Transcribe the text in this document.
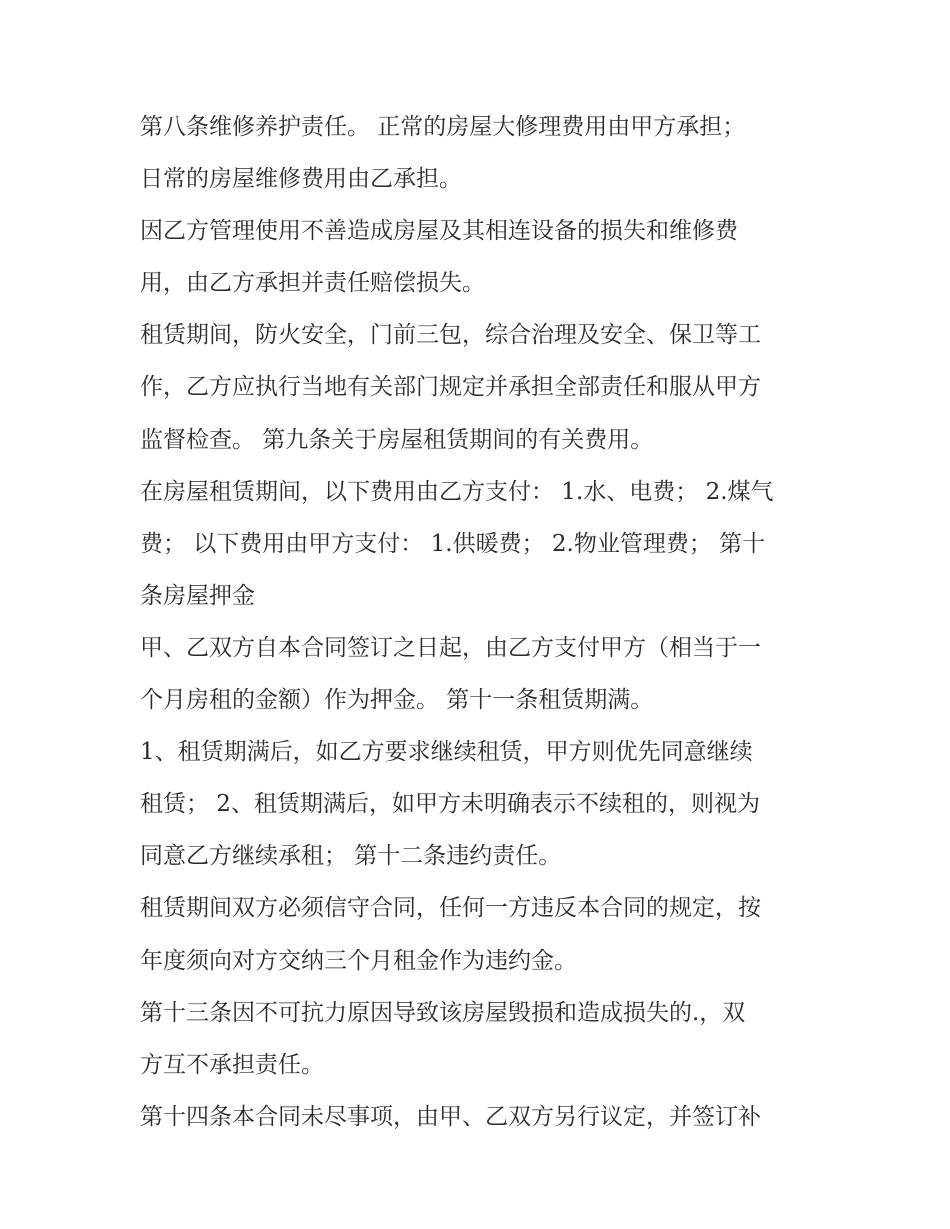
第八条维修养护责任。 正常的房屋大修理费用由甲方承担；
日常的房屋维修费用由乙承担。
因乙方管理使用不善造成房屋及其相连设备的损失和维修费
用，由乙方承担并责任赔偿损失。
租赁期间，防火安全，门前三包，综合治理及安全、保卫等工
作，乙方应执行当地有关部门规定并承担全部责任和服从甲方
监督检查。 第九条关于房屋租赁期间的有关费用。
在房屋租赁期间，以下费用由乙方支付： 1.水、电费； 2.煤气
费； 以下费用由甲方支付： 1.供暖费； 2.物业管理费； 第十
条房屋押金
甲、乙双方自本合同签订之日起，由乙方支付甲方（相当于一
个月房租的金额）作为押金。 第十一条租赁期满。
1、租赁期满后，如乙方要求继续租赁，甲方则优先同意继续
租赁； 2、租赁期满后，如甲方未明确表示不续租的，则视为
同意乙方继续承租； 第十二条违约责任。
租赁期间双方必须信守合同，任何一方违反本合同的规定，按
年度须向对方交纳三个月租金作为违约金。
第十三条因不可抗力原因导致该房屋毁损和造成损失的.，双
方互不承担责任。
第十四条本合同未尽事项，由甲、乙双方另行议定，并签订补
